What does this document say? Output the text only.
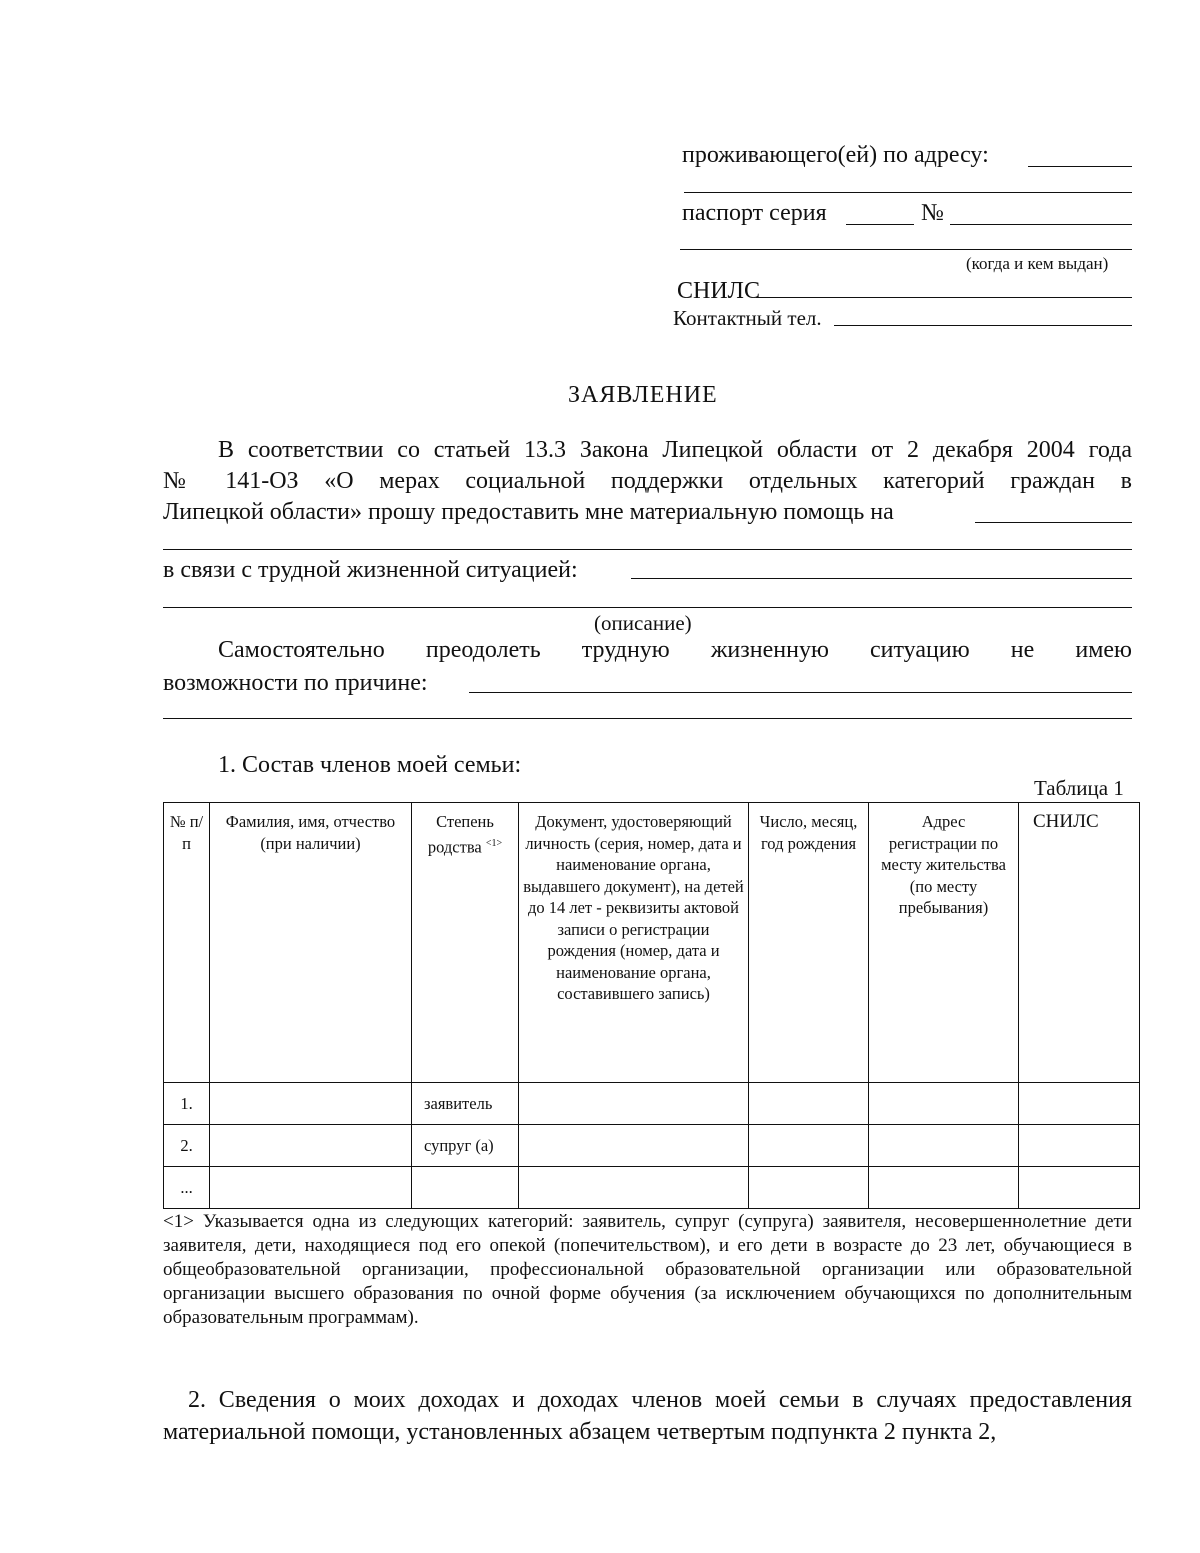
проживающего(ей) по адресу:
паспорт серия	№
(когда и кем выдан)
СНИЛС
Контактный тел.
ЗАЯВЛЕНИЕ
В соответствии со статьей 13.3 Закона Липецкой области от 2 декабря 2004 года
№ 141-ОЗ «О мерах социальной поддержки отдельных категорий граждан в
Липецкой области» прошу предоставить мне материальную помощь на
в связи с трудной жизненной ситуацией:
(описание)
Самостоятельно преодолеть трудную жизненную ситуацию не имею
возможности по причине:
1. Состав членов моей семьи:
Таблица 1
№ п/п	Фамилия, имя, отчество (при наличии)	Степень родства $^{<1>}$	Документ, удостоверяющий личность (серия, номер, дата и наименование органа, выдавшего документ), на детей до 14 лет - реквизиты актовой записи о регистрации рождения (номер, дата и наименование органа, составившего запись)	Число, месяц, год рождения	Адрес регистрации по месту жительства (по месту пребывания)	СНИЛС
1.		заявитель				
2.		супруг (а)				
...						
<1> Указывается одна из следующих категорий: заявитель, супруг (супруга) заявителя, несовершеннолетние дети заявителя, дети, находящиеся под его опекой (попечительством), и его дети в возрасте до 23 лет, обучающиеся в общеобразовательной организации, профессиональной образовательной организации или образовательной организации высшего образования по очной форме обучения (за исключением обучающихся по дополнительным образовательным программам).
2. Сведения о моих доходах и доходах членов моей семьи в случаях предоставления материальной помощи, установленных абзацем четвертым подпункта 2 пункта 2,
